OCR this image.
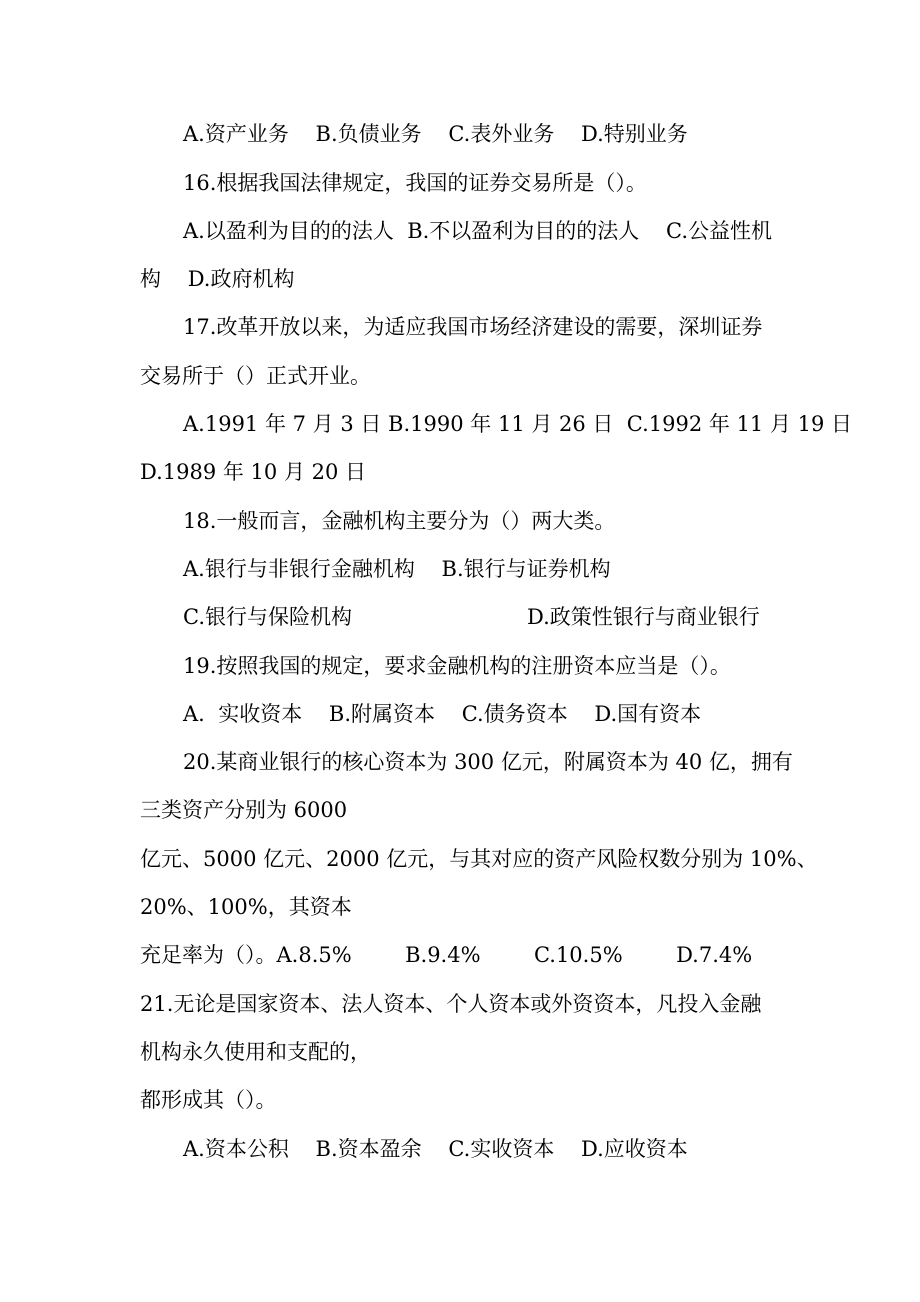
A.资产业务    B.负债业务    C.表外业务    D.特别业务

16.根据我国法律规定，我国的证券交易所是（）。

A.以盈利为目的的法人  B.不以盈利为目的的法人    C.公益性机

构    D.政府机构

17.改革开放以来，为适应我国市场经济建设的需要，深圳证券

交易所于（）正式开业。

A.1991 年 7 月 3 日 B.1990 年 11 月 26 日  C.1992 年 11 月 19 日

D.1989 年 10 月 20 日

18.一般而言，金融机构主要分为（）两大类。

A.银行与非银行金融机构    B.银行与证券机构

C.银行与保险机构	D.政策性银行与商业银行

19.按照我国的规定，要求金融机构的注册资本应当是（）。

A.  实收资本    B.附属资本    C.债务资本    D.国有资本

20.某商业银行的核心资本为 300 亿元，附属资本为 40 亿，拥有

三类资产分别为 6000

亿元、5000 亿元、2000 亿元，与其对应的资产风险权数分别为 10%、

20%、100%，其资本

充足率为（）。A.8.5%        B.9.4%        C.10.5%        D.7.4%

21.无论是国家资本、法人资本、个人资本或外资资本，凡投入金融

机构永久使用和支配的，

都形成其（）。

A.资本公积    B.资本盈余    C.实收资本    D.应收资本
